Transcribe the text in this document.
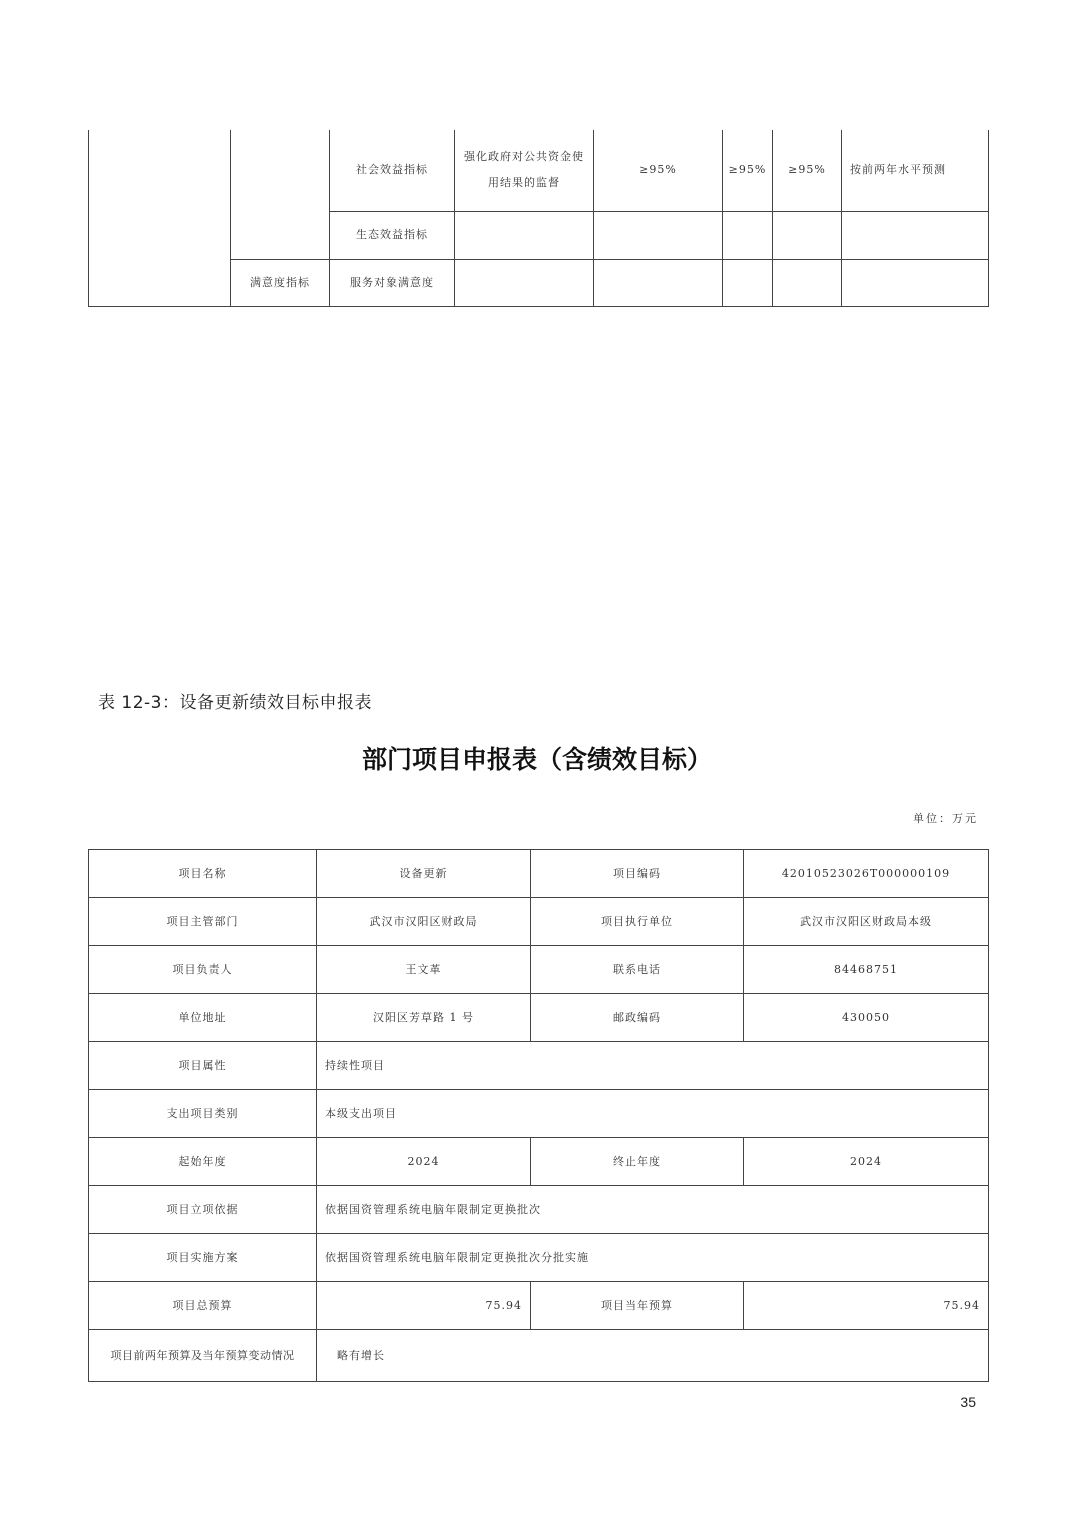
		社会效益指标	强化政府对公共资金使用结果的监督	≥95%	≥95%	≥95%	按前两年水平预测
		生态效益指标					
	满意度指标	服务对象满意度					
表 12-3：设备更新绩效目标申报表
部门项目申报表（含绩效目标）
单位：万元
项目名称	设备更新	项目编码	42010523026T000000109
项目主管部门	武汉市汉阳区财政局	项目执行单位	武汉市汉阳区财政局本级
项目负责人	王文革	联系电话	84468751
单位地址	汉阳区芳草路 1 号	邮政编码	430050
项目属性	持续性项目		
支出项目类别	本级支出项目		
起始年度	2024	终止年度	2024
项目立项依据	依据国资管理系统电脑年限制定更换批次		
项目实施方案	依据国资管理系统电脑年限制定更换批次分批实施		
项目总预算	75.94	项目当年预算	75.94
项目前两年预算及当年预算变动情况	略有增长		
35
